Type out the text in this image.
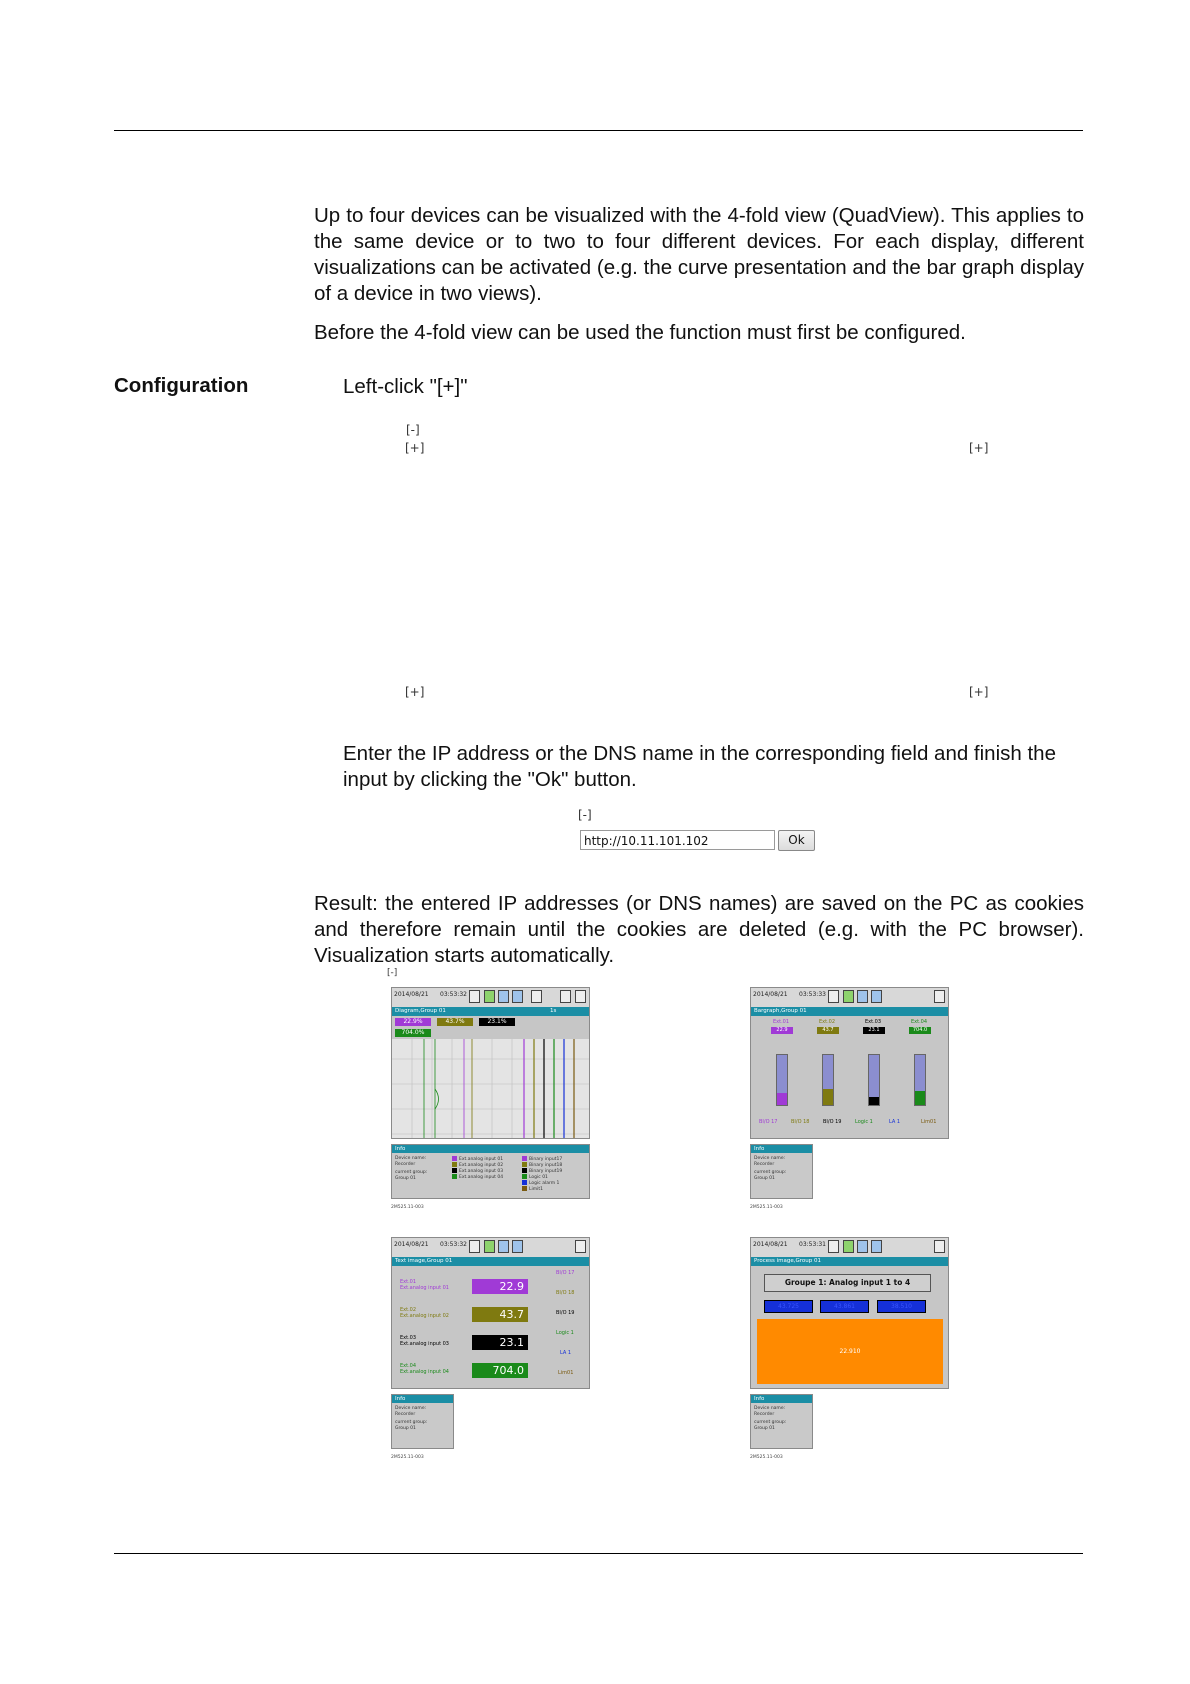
Up to four devices can be visualized with the 4-fold view (QuadView). This applies to the same device or to two to four different devices. For each display, different visualizations can be activated (e.g. the curve presentation and the bar graph display of a device in two views).

Before the 4-fold view can be used the function must first be configured.

Configuration	Left-click "[+]"
[-]
[+]	[+]
[+]	[+]
Enter the IP address or the DNS name in the corresponding field and finish the input by clicking the "Ok" button.
[-]
http://10.11.101.102	Ok

Result: the entered IP addresses (or DNS names) are saved on the PC as cookies and therefore remain until the cookies are deleted (e.g. with the PC browser). Visualization starts automatically.

[-]
2014/08/21 03:53:32
Diagram,Group 01	1s
22.9%	43.7%	23.1%
704.0%
Info
Device name:
Recorder
current group:
Group 01
Ext.analog input 01
Ext.analog input 02
Ext.analog input 03
Ext.analog input 04
Binary input17
Binary input18
Binary input19
Logic 01
Logic alarm 1
Limit1
2M525.11-003
2014/08/21 03:53:33
Bargraph,Group 01
Ext.01	Ext.02	Ext.03	Ext.04
22.9	43.7	23.1	704.0
BI/O 17	BI/O 18	BI/O 19	Logic 1	LA 1	Lim01
Info
Device name:
Recorder
current group:
Group 01
2M525.11-003
2014/08/21 03:53:32
Text image,Group 01
Ext.01
Ext.analog input 01
Ext.02
Ext.analog input 02
Ext.03
Ext.analog input 03
Ext.04
Ext.analog input 04
22.9
43.7
23.1
704.0
BI/O 17
BI/O 18
BI/O 19
Logic 1
LA 1
Lim01
Info
Device name:
Recorder
current group:
Group 01
2M525.11-003
2014/08/21 03:53:31
Process image,Group 01
Groupe 1: Analog input 1 to 4
43.725	43.861	38.510
22.910
Info
Device name:
Recorder
current group:
Group 01
2M525.11-003
